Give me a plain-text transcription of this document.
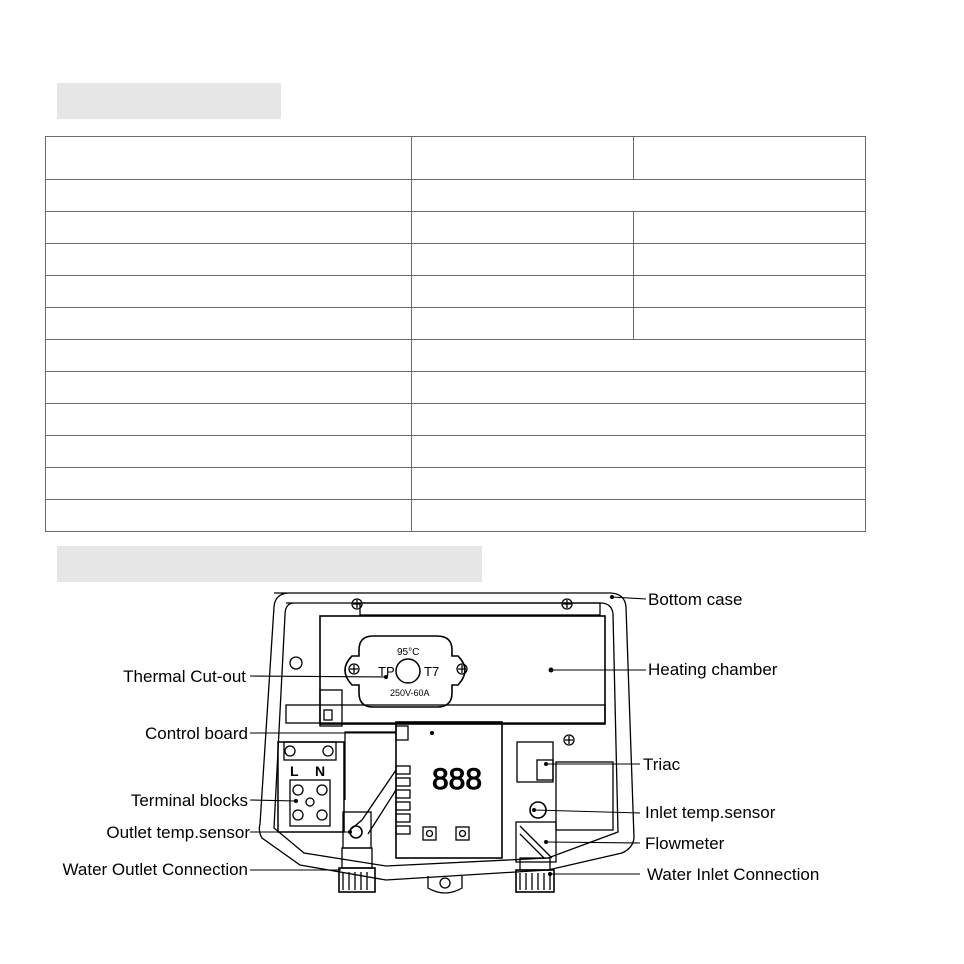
95°C
TP T7
250V-60A
L N	888
Bottom case
Heating chamber
Thermal Cut-out
Control board
Triac
Terminal blocks
Inlet temp.sensor
Outlet temp.sensor
Flowmeter
Water Outlet Connection	Water Inlet Connection
